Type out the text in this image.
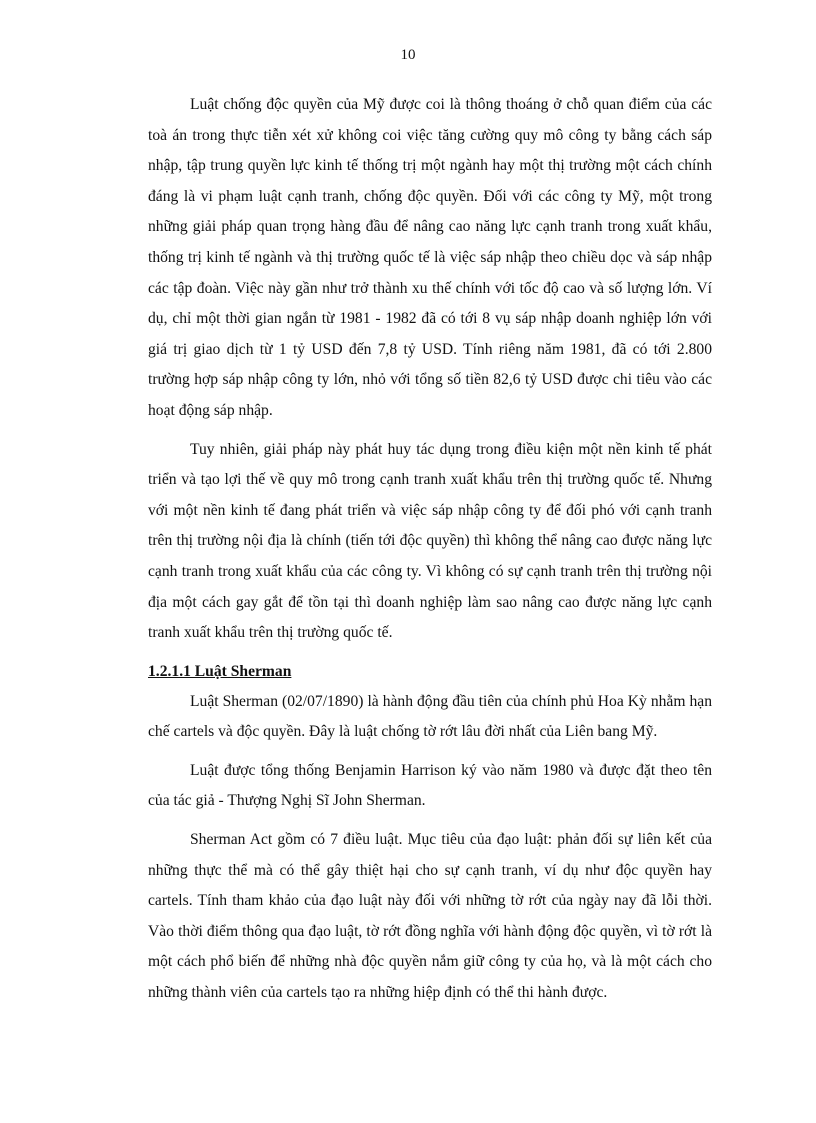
10

Luật chống độc quyền của Mỹ được coi là thông thoáng ở chỗ quan điểm của các toà án trong thực tiễn xét xử không coi việc tăng cường quy mô công ty bằng cách sáp nhập, tập trung quyền lực kinh tế thống trị một ngành hay một thị trường một cách chính đáng là vi phạm luật cạnh tranh, chống độc quyền. Đối với các công ty Mỹ, một trong những giải pháp quan trọng hàng đầu để nâng cao năng lực cạnh tranh trong xuất khẩu, thống trị kinh tế ngành và thị trường quốc tế là việc sáp nhập theo chiều dọc và sáp nhập các tập đoàn. Việc này gần như trở thành xu thế chính với tốc độ cao và số lượng lớn. Ví dụ, chỉ một thời gian ngắn từ 1981 - 1982 đã có tới 8 vụ sáp nhập doanh nghiệp lớn với giá trị giao dịch từ 1 tỷ USD đến 7,8 tỷ USD. Tính riêng năm 1981, đã có tới 2.800 trường hợp sáp nhập công ty lớn, nhỏ với tổng số tiền 82,6 tỷ USD được chi tiêu vào các hoạt động sáp nhập.

Tuy nhiên, giải pháp này phát huy tác dụng trong điều kiện một nền kinh tế phát triển và tạo lợi thế về quy mô trong cạnh tranh xuất khẩu trên thị trường quốc tế. Nhưng với một nền kinh tế đang phát triển và việc sáp nhập công ty để đối phó với cạnh tranh trên thị trường nội địa là chính (tiến tới độc quyền) thì không thể nâng cao được năng lực cạnh tranh trong xuất khẩu của các công ty. Vì không có sự cạnh tranh trên thị trường nội địa một cách gay gắt để tồn tại thì doanh nghiệp làm sao nâng cao được năng lực cạnh tranh xuất khẩu trên thị trường quốc tế.

1.2.1.1 Luật Sherman

Luật Sherman (02/07/1890) là hành động đầu tiên của chính phủ Hoa Kỳ nhằm hạn chế cartels và độc quyền. Đây là luật chống tờ rớt lâu đời nhất của Liên bang Mỹ.

Luật được tổng thống Benjamin Harrison ký vào năm 1980 và được đặt theo tên của tác giả - Thượng Nghị Sĩ John Sherman.

Sherman Act gồm có 7 điều luật. Mục tiêu của đạo luật: phản đối sự liên kết của những thực thể mà có thể gây thiệt hại cho sự cạnh tranh, ví dụ như độc quyền hay cartels. Tính tham khảo của đạo luật này đối với những tờ rớt của ngày nay đã lỗi thời. Vào thời điểm thông qua đạo luật, tờ rớt đồng nghĩa với hành động độc quyền, vì tờ rớt là một cách phổ biến để những nhà độc quyền nắm giữ công ty của họ, và là một cách cho những thành viên của cartels tạo ra những hiệp định có thể thi hành được.
